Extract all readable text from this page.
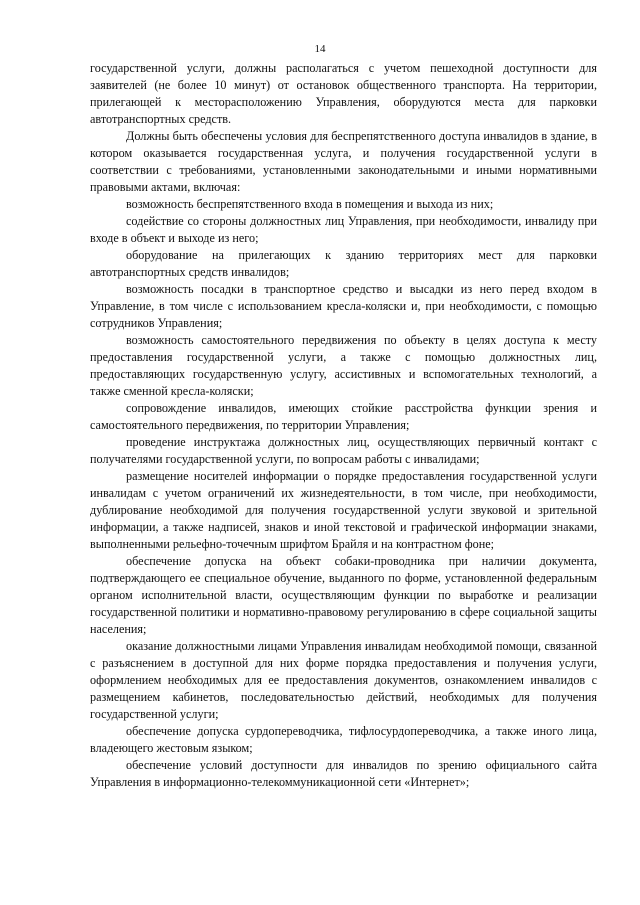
14

государственной услуги, должны располагаться с учетом пешеходной доступности для заявителей (не более 10 минут) от остановок общественного транспорта. На территории, прилегающей к месторасположению Управления, оборудуются места для парковки автотранспортных средств.

Должны быть обеспечены условия для беспрепятственного доступа инвалидов в здание, в котором оказывается государственная услуга, и получения государственной услуги в соответствии с требованиями, установленными законодательными и иными нормативными правовыми актами, включая:

возможность беспрепятственного входа в помещения и выхода из них;

содействие со стороны должностных лиц Управления, при необходимости, инвалиду при входе в объект и выходе из него;

оборудование на прилегающих к зданию территориях мест для парковки автотранспортных средств инвалидов;

возможность посадки в транспортное средство и высадки из него перед входом в Управление, в том числе с использованием кресла-коляски и, при необходимости, с помощью сотрудников Управления;

возможность самостоятельного передвижения по объекту в целях доступа к месту предоставления государственной услуги, а также с помощью должностных лиц, предоставляющих государственную услугу, ассистивных и вспомогательных технологий, а также сменной кресла-коляски;

сопровождение инвалидов, имеющих стойкие расстройства функции зрения и самостоятельного передвижения, по территории Управления;

проведение инструктажа должностных лиц, осуществляющих первичный контакт с получателями государственной услуги, по вопросам работы с инвалидами;

размещение носителей информации о порядке предоставления государственной услуги инвалидам с учетом ограничений их жизнедеятельности, в том числе, при необходимости, дублирование необходимой для получения государственной услуги звуковой и зрительной информации, а также надписей, знаков и иной текстовой и графической информации знаками, выполненными рельефно-точечным шрифтом Брайля и на контрастном фоне;

обеспечение допуска на объект собаки-проводника при наличии документа, подтверждающего ее специальное обучение, выданного по форме, установленной федеральным органом исполнительной власти, осуществляющим функции по выработке и реализации государственной политики и нормативно-правовому регулированию в сфере социальной защиты населения;

оказание должностными лицами Управления инвалидам необходимой помощи, связанной с разъяснением в доступной для них форме порядка предоставления и получения услуги, оформлением необходимых для ее предоставления документов, ознакомлением инвалидов с размещением кабинетов, последовательностью действий, необходимых для получения государственной услуги;

обеспечение допуска сурдопереводчика, тифлосурдопереводчика, а также иного лица, владеющего жестовым языком;

обеспечение условий доступности для инвалидов по зрению официального сайта Управления в информационно-телекоммуникационной сети «Интернет»;
